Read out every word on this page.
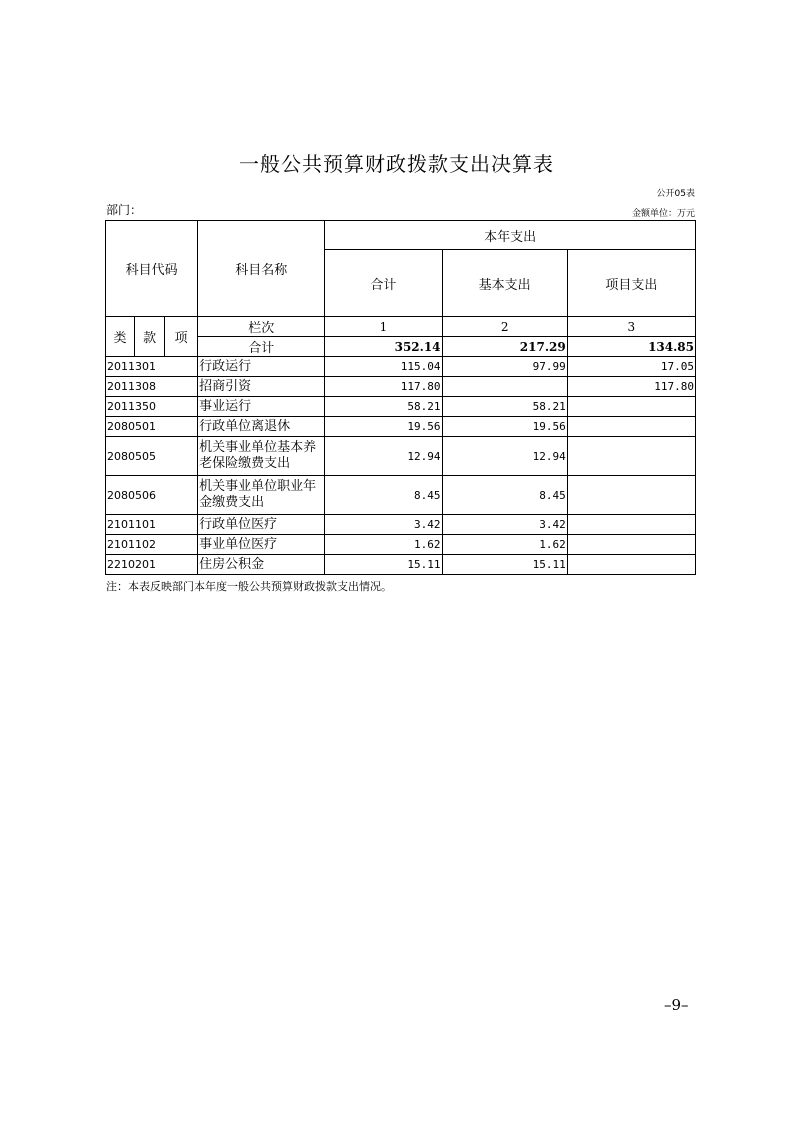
一般公共预算财政拨款支出决算表
公开05表
部门：	金额单位：万元
科目代码			科目名称	本年支出		
				合计	基本支出	项目支出
类	款	项	栏次	1	2	3
			合计	352.14	217.29	134.85
2011301			行政运行	115.04	97.99	17.05
2011308			招商引资	117.80		117.80
2011350			事业运行	58.21	58.21	
2080501			行政单位离退休	19.56	19.56	
2080505			机关事业单位基本养老保险缴费支出	12.94	12.94	
2080506			机关事业单位职业年金缴费支出	8.45	8.45	
2101101			行政单位医疗	3.42	3.42	
2101102			事业单位医疗	1.62	1.62	
2210201			住房公积金	15.11	15.11	
注：本表反映部门本年度一般公共预算财政拨款支出情况。
–9–
